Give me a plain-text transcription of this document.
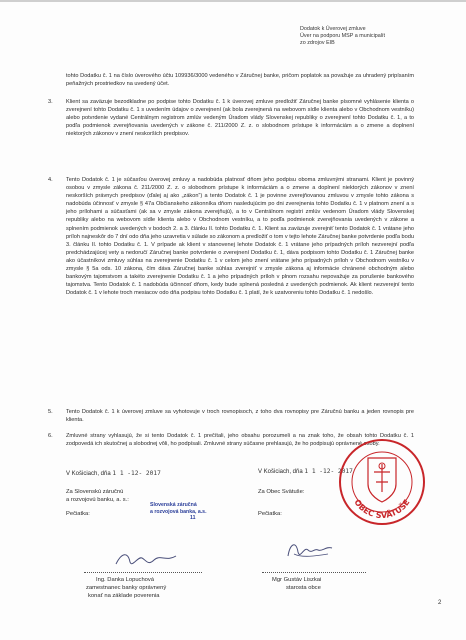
Dodatok k Úverovej zmluve
Úver na podporu MSP a municipalít
zo zdrojov EIB
tohto Dodatku č. 1 na číslo úverového účtu 109936/3000 vedeného v Záručnej banke, pričom poplatok sa považuje za uhradený pripísaním peňažných prostriedkov na uvedený účet.
3. Klient sa zaväzuje bezodkladne po podpise tohto Dodatku č. 1 k úverovej zmluve predložiť Záručnej banke písomné vyhlásenie klienta o zverejnení tohto Dodatku č. 1 s uvedením údajov o zverejnení (ak bola zverejnená na webovom sídle klienta alebo v Obchodnom vestníku) alebo potvrdenie vydané Centrálnym registrom zmlúv vedeným Úradom vlády Slovenskej republiky o zverejnení tohto Dodatku č. 1, a to podľa podmienok zverejňovania uvedených v zákone č. 211/2000 Z. z. o slobodnom prístupe k informáciám a o zmene a doplnení niektorých zákonov v znení neskorších predpisov.
4. Tento Dodatok č. 1 je súčasťou úverovej zmluvy a nadobúda platnosť dňom jeho podpisu oboma zmluvnými stranami. Klient je povinný osobou v zmysle zákona č. 211/2000 Z. z. o slobodnom prístupe k informáciám a o zmene a doplnení niektorých zákonov v znení neskorších právnych predpisov (ďalej aj ako „zákon“) a tento Dodatok č. 1 je povinne zverejňovanou zmluvou v zmysle tohto zákona s nadobúda účinnosť v zmysle § 47a Občianskeho zákonníka dňom nasledujúcim po dni zverejnenia tohto Dodatku č. 1 v platnom znení a s jeho prílohami a súčasťami (ak sa v zmysle zákona zverejňujú), a to v Centrálnom registri zmlúv vedenom Úradom vlády Slovenskej republiky alebo na webovom sídle klienta alebo v Obchodnom vestníku, a to podľa podmienok zverejňovania uvedených v zákone a splnením podmienok uvedených v bodoch 2. a 3. článku II. tohto Dodatku č. 1. Klient sa zaväzuje zverejniť tento Dodatok č. 1 vrátane jeho príloh najneskôr do 7 dní odo dňa jeho uzavretia v súlade so zákonom a predložiť o tom v tejto lehote Záručnej banke potvrdenie podľa bodu 3. článku II. tohto Dodatku č. 1. V prípade ak klient v stanovenej lehote Dodatok č. 1 vrátane jeho prípadných príloh nezverejní podľa predchádzajúcej vety a nedoručí Záručnej banke potvrdenie o zverejnení Dodatku č. 1, dáva podpisom tohto Dodatku č. 1 Záručnej banke ako účastníkovi zmluvy súhlas na zverejnenie Dodatku č. 1 v celom jeho znení vrátane jeho prípadných príloh v Obchodnom vestníku v zmysle § 5a ods. 10 zákona, čím dáva Záručnej banke súhlas zverejniť v zmysle zákona aj informácie chránené obchodným alebo bankovým tajomstvom a takéto zverejnenie Dodatku č. 1 a jeho prípadných príloh v plnom rozsahu nepovažuje za porušenie bankového tajomstva. Tento Dodatok č. 1 nadobúda účinnosť dňom, kedy bude splnená posledná z uvedených podmienok. Ak klient nezverejní tento Dodatok č. 1 v lehote troch mesiacov odo dňa podpisu tohto Dodatku č. 1 platí, že k uzatvoreniu tohto Dodatku č. 1 nedošlo.
5. Tento Dodatok č. 1 k úverovej zmluve sa vyhotovuje v troch rovnopisoch, z toho dva rovnopisy pre Záručnú banku a jeden rovnopis pre klienta.
6. Zmluvné strany vyhlasujú, že si tento Dodatok č. 1 prečítali, jeho obsahu porozumeli a na znak toho, že obsah tohto Dodatku č. 1 zodpovedá ich skutočnej a slobodnej vôli, ho podpísali. Zmluvné strany súčasne prehlasujú, že ho podpisujú oprávnené osoby.
V Košiciach, dňa 1 1 -12- 2017
Za Slovenskú záručnú
a rozvojovú banku, a. s.:
Pečiatka:
Slovenská záručná
a rozvojová banka, a.s.
11
Ing. Danka Lopuchová
zamestnanec banky oprávnený
konať na základe poverenia
V Košiciach, dňa 1 1 -12- 2017
Za Obec Svätuše:
Pečiatka:
OBEC SVÄTUŠE
Mgr Gustáv Liszkai
starosta obce
2
